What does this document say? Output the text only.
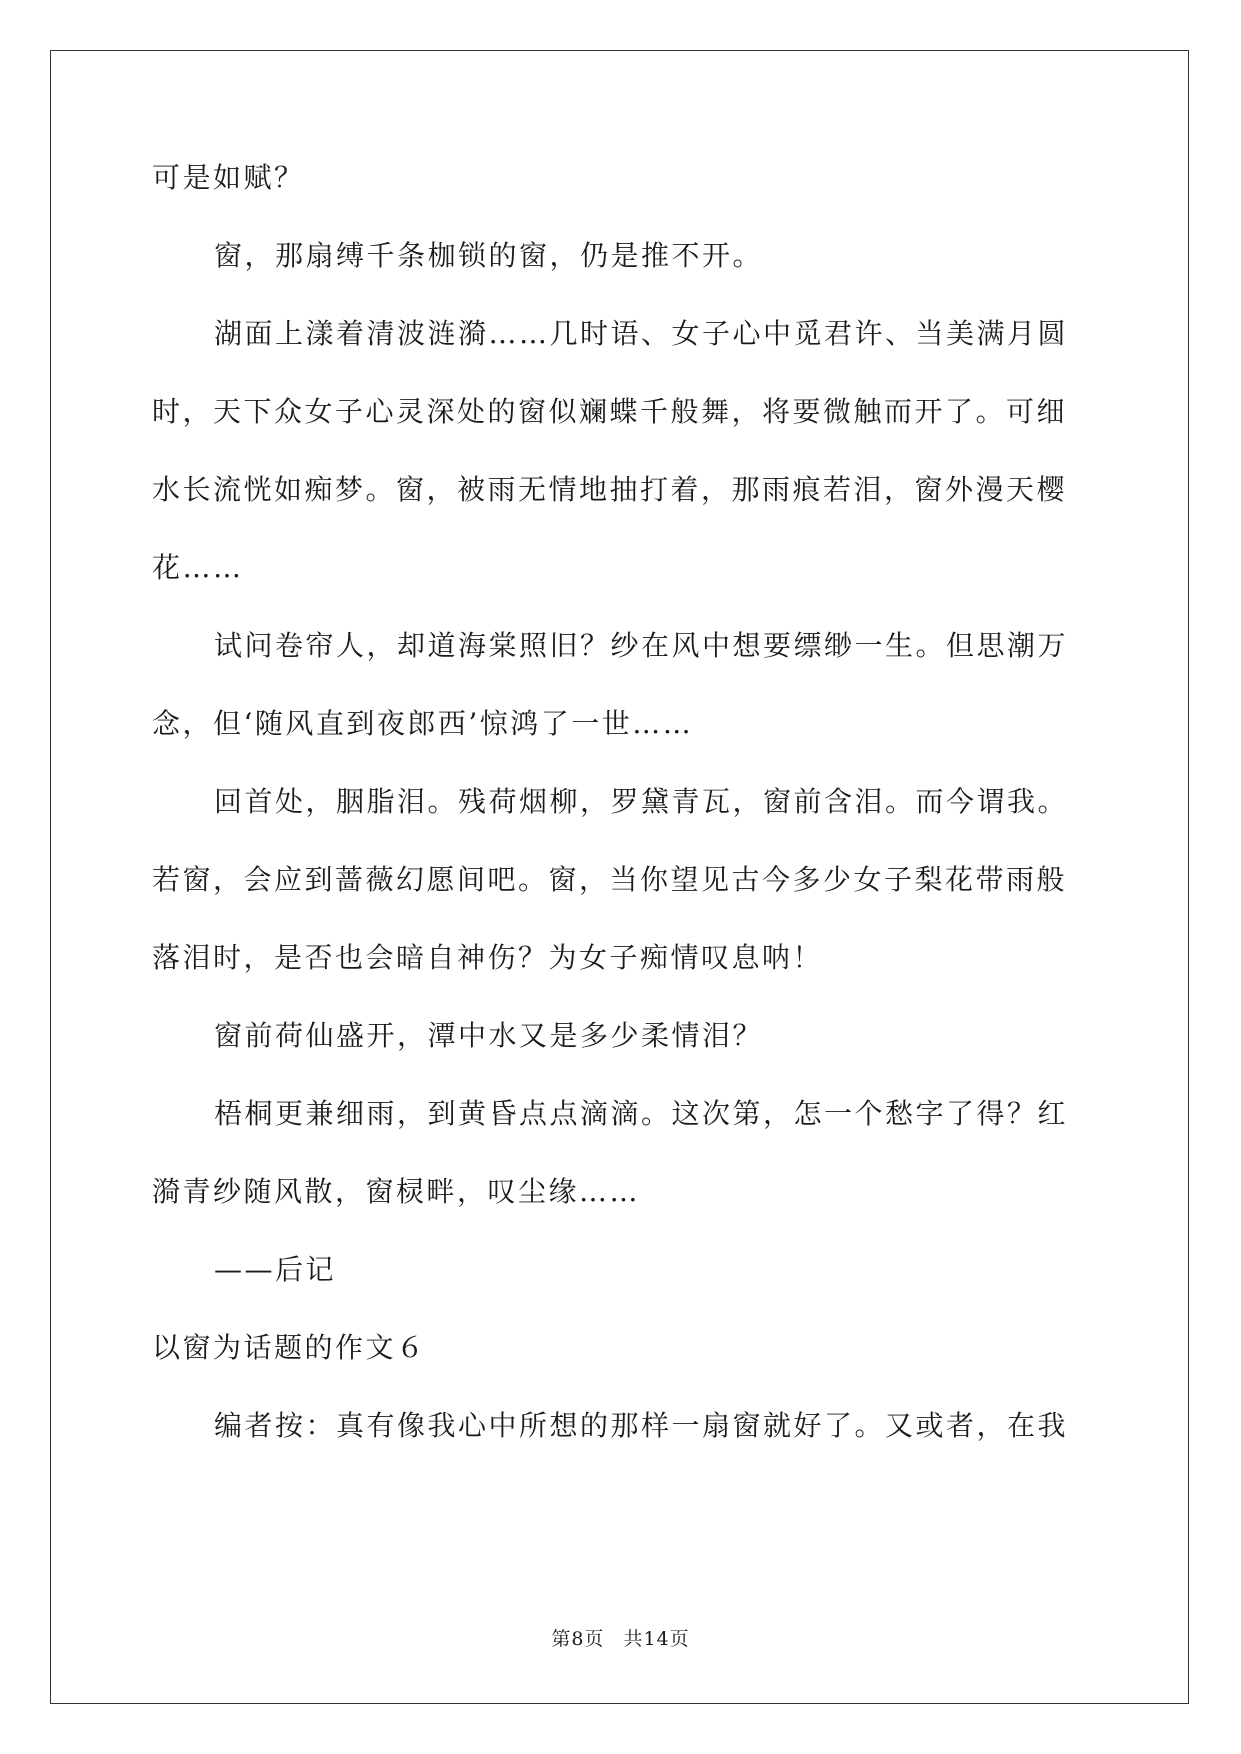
可是如赋？

窗，那扇缚千条枷锁的窗，仍是推不开。

湖面上漾着清波涟漪……几时语、女子心中觅君许、当美满月圆

时，天下众女子心灵深处的窗似斓蝶千般舞，将要微触而开了。可细

水长流恍如痴梦。窗，被雨无情地抽打着，那雨痕若泪，窗外漫天樱

花……

试问卷帘人，却道海棠照旧？纱在风中想要缥缈一生。但思潮万

念，但‘随风直到夜郎西’惊鸿了一世……

回首处，胭脂泪。残荷烟柳，罗黛青瓦，窗前含泪。而今谓我。

若窗，会应到蔷薇幻愿间吧。窗，当你望见古今多少女子梨花带雨般

落泪时，是否也会暗自神伤？为女子痴情叹息呐！

窗前荷仙盛开，潭中水又是多少柔情泪？

梧桐更兼细雨，到黄昏点点滴滴。这次第，怎一个愁字了得？红

漪青纱随风散，窗棂畔，叹尘缘……

——后记

以窗为话题的作文６

编者按：真有像我心中所想的那样一扇窗就好了。又或者，在我

第8页 共14页
